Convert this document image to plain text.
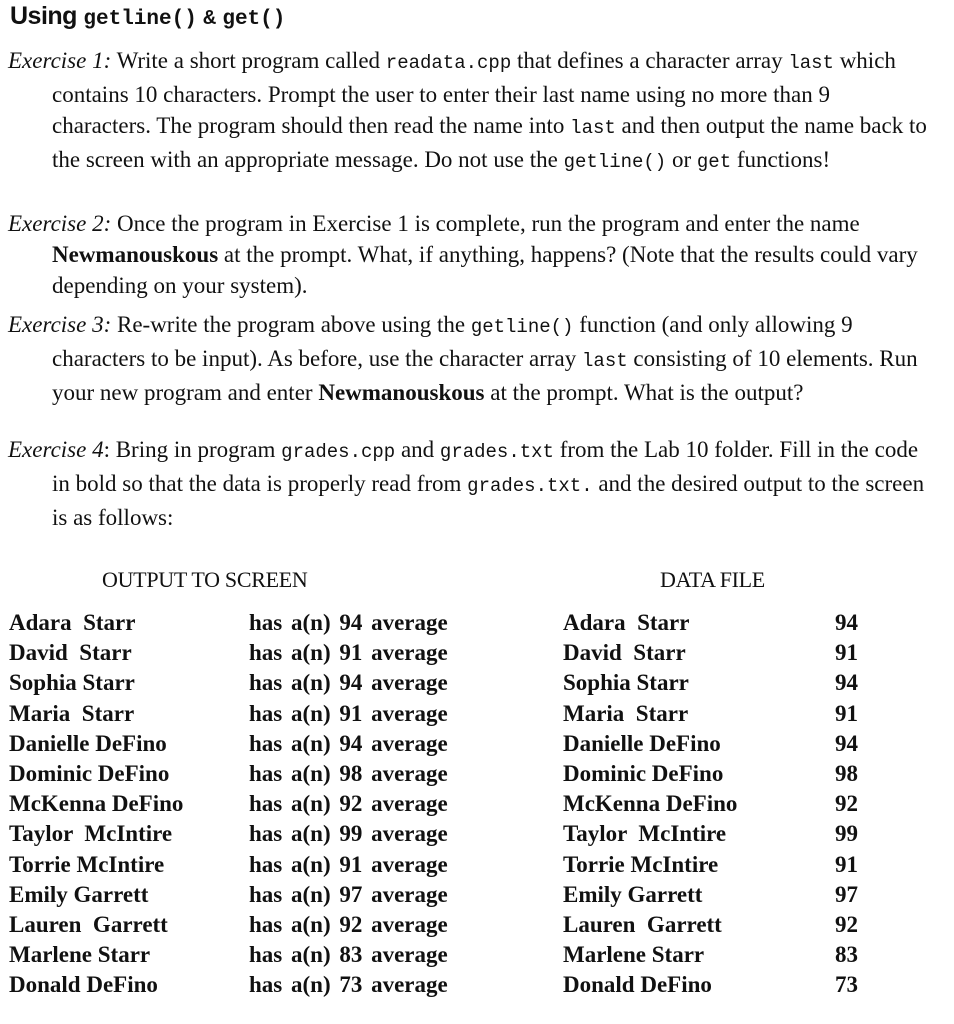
Using getline() & get()
Exercise 1: Write a short program called readata.cpp that defines a character array last which contains 10 characters. Prompt the user to enter their last name using no more than 9 characters. The program should then read the name into last and then output the name back to the screen with an appropriate message. Do not use the getline() or get functions!
Exercise 2: Once the program in Exercise 1 is complete, run the program and enter the name Newmanouskous at the prompt. What, if anything, happens? (Note that the results could vary depending on your system).
Exercise 3: Re-write the program above using the getline() function (and only allowing 9 characters to be input). As before, use the character array last consisting of 10 elements. Run your new program and enter Newmanouskous at the prompt. What is the output?
Exercise 4: Bring in program grades.cpp and grades.txt from the Lab 10 folder. Fill in the code in bold so that the data is properly read from grades.txt. and the desired output to the screen is as follows:
OUTPUT TO SCREEN	DATA FILE
Adara  Starr	has a(n) 94 average	Adara  Starr	94
David  Starr	has a(n) 91 average	David  Starr	91
Sophia Starr	has a(n) 94 average	Sophia Starr	94
Maria  Starr	has a(n) 91 average	Maria  Starr	91
Danielle DeFino	has a(n) 94 average	Danielle DeFino	94
Dominic DeFino	has a(n) 98 average	Dominic DeFino	98
McKenna DeFino	has a(n) 92 average	McKenna DeFino	92
Taylor  McIntire	has a(n) 99 average	Taylor  McIntire	99
Torrie McIntire	has a(n) 91 average	Torrie McIntire	91
Emily Garrett	has a(n) 97 average	Emily Garrett	97
Lauren  Garrett	has a(n) 92 average	Lauren  Garrett	92
Marlene Starr	has a(n) 83 average	Marlene Starr	83
Donald DeFino	has a(n) 73 average	Donald DeFino	73
